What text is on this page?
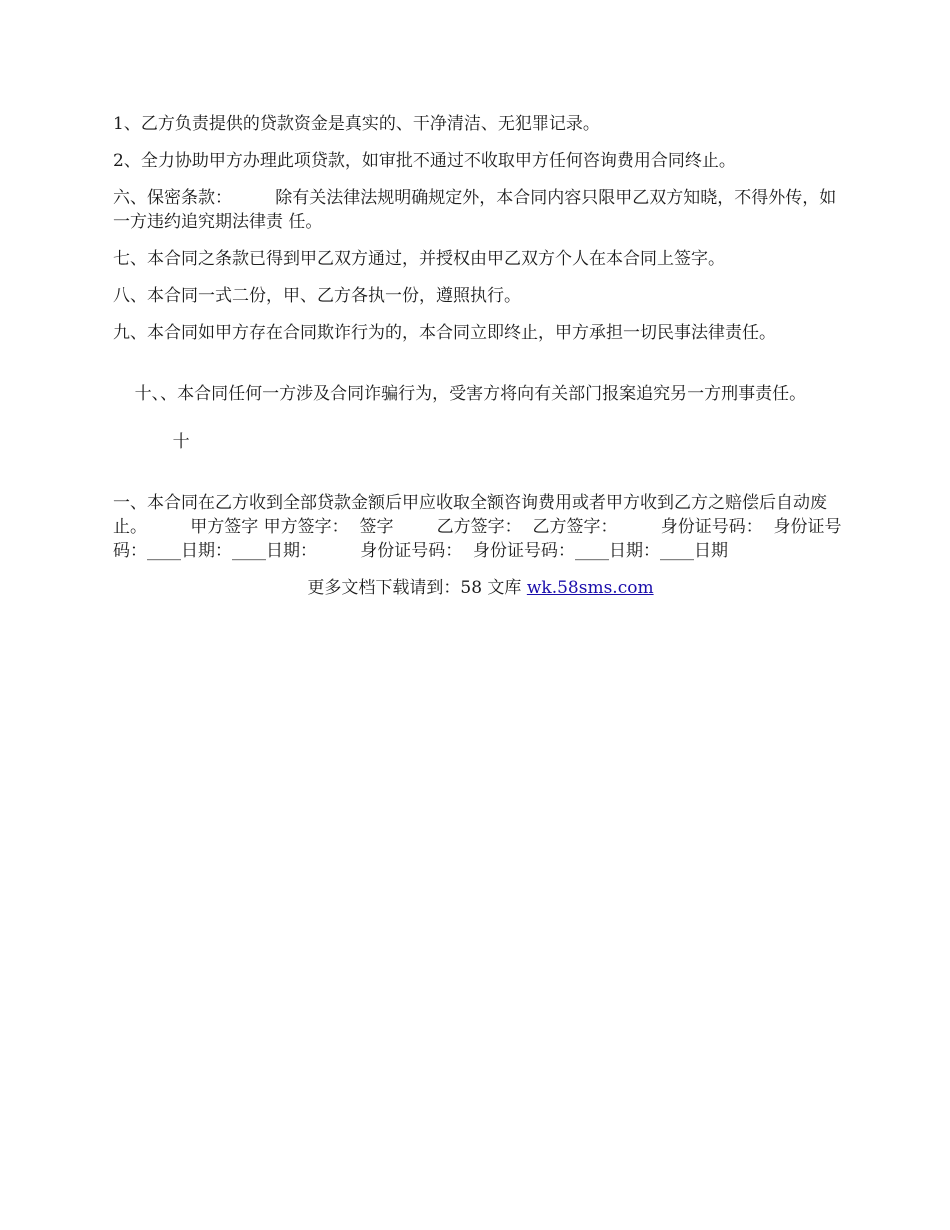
1、乙方负责提供的贷款资金是真实的、干净清洁、无犯罪记录。

2、全力协助甲方办理此项贷款，如审批不通过不收取甲方任何咨询费用合同终止。

六、保密条款：        除有关法律法规明确规定外，本合同内容只限甲乙双方知晓，不得外传，如一方违约追究期法律责 任。

七、本合同之条款已得到甲乙双方通过，并授权由甲乙双方个人在本合同上签字。

八、本合同一式二份，甲、乙方各执一份，遵照执行。

九、本合同如甲方存在合同欺诈行为的，本合同立即终止，甲方承担一切民事法律责任。

十、、本合同任何一方涉及合同诈骗行为，受害方将向有关部门报案追究另一方刑事责任。

十

一、本合同在乙方收到全部贷款金额后甲应收取全额咨询费用或者甲方收到乙方之赔偿后自动废止。        甲方签字 甲方签字：  签字        乙方签字：  乙方签字：        身份证号码：  身份证号码：____日期：____日期：        身份证号码：  身份证号码：____日期：____日期

更多文档下载请到：58 文库 wk.58sms.com
